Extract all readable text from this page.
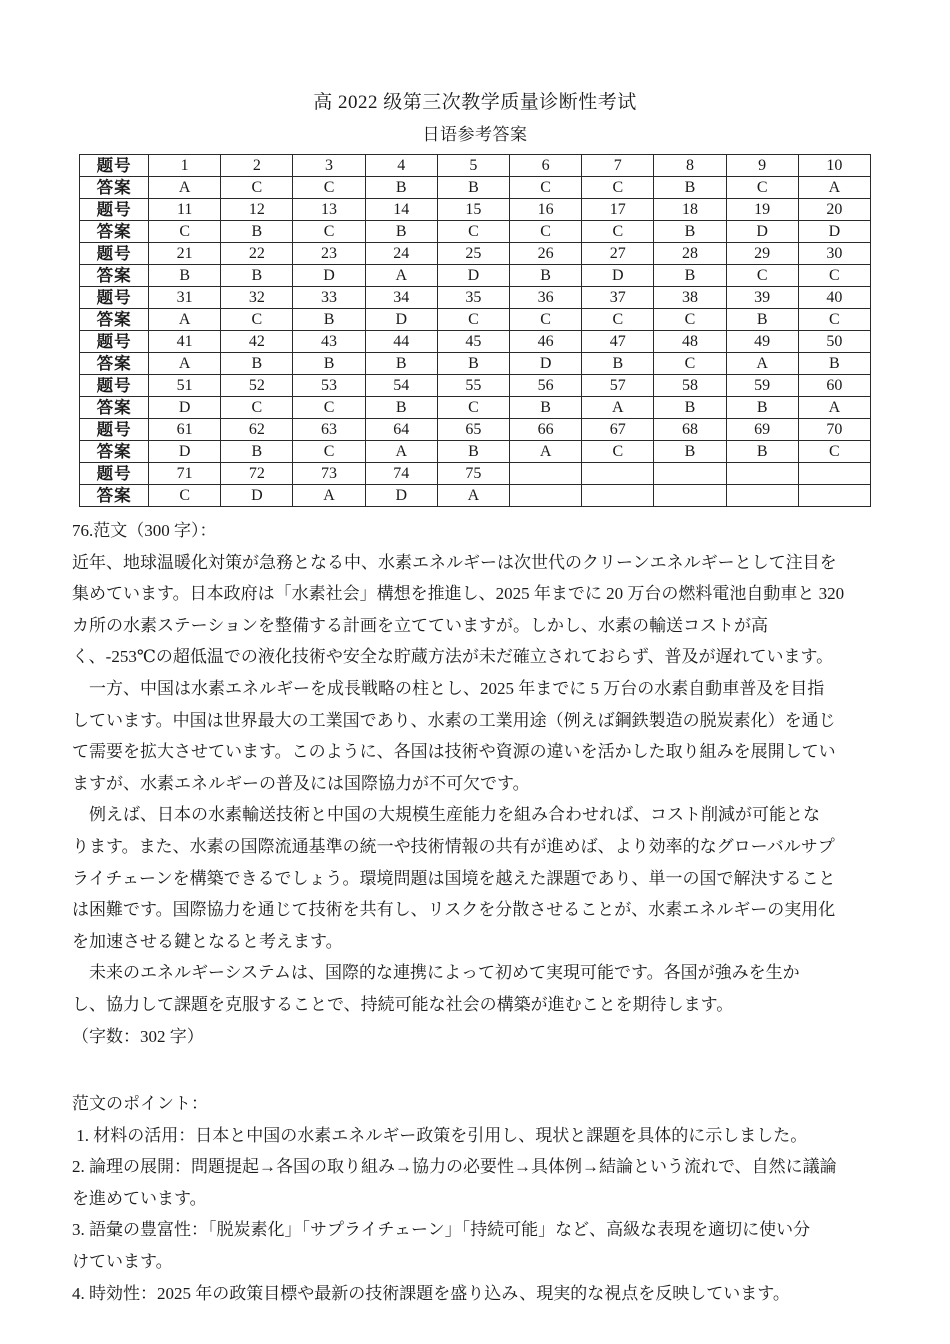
高 2022 级第三次教学质量诊断性考试
日语参考答案
题号	1	2	3	4	5	6	7	8	9	10
答案	A	C	C	B	B	C	C	B	C	A
题号	11	12	13	14	15	16	17	18	19	20
答案	C	B	C	B	C	C	C	B	D	D
题号	21	22	23	24	25	26	27	28	29	30
答案	B	B	D	A	D	B	D	B	C	C
题号	31	32	33	34	35	36	37	38	39	40
答案	A	C	B	D	C	C	C	C	B	C
题号	41	42	43	44	45	46	47	48	49	50
答案	A	B	B	B	B	D	B	C	A	B
题号	51	52	53	54	55	56	57	58	59	60
答案	D	C	C	B	C	B	A	B	B	A
题号	61	62	63	64	65	66	67	68	69	70
答案	D	B	C	A	B	A	C	B	B	C
题号	71	72	73	74	75					
答案	C	D	A	D	A					
76.范文（300 字）：
近年、地球温暖化対策が急務となる中、水素エネルギーは次世代のクリーンエネルギーとして注目を
集めています。日本政府は「水素社会」構想を推進し、2025 年までに 20 万台の燃料電池自動車と 320
カ所の水素ステーションを整備する計画を立てていますが。しかし、水素の輸送コストが高
く、-253℃の超低温での液化技術や安全な貯蔵方法が未だ確立されておらず、普及が遅れています。
　一方、中国は水素エネルギーを成長戦略の柱とし、2025 年までに 5 万台の水素自動車普及を目指
しています。中国は世界最大の工業国であり、水素の工業用途（例えば鋼鉄製造の脱炭素化）を通じ
て需要を拡大させています。このように、各国は技術や資源の違いを活かした取り組みを展開してい
ますが、水素エネルギーの普及には国際協力が不可欠です。
　例えば、日本の水素輸送技術と中国の大規模生産能力を組み合わせれば、コスト削減が可能とな
ります。また、水素の国際流通基準の統一や技術情報の共有が進めば、より効率的なグローバルサプ
ライチェーンを構築できるでしょう。環境問題は国境を越えた課題であり、単一の国で解決すること
は困難です。国際協力を通じて技術を共有し、リスクを分散させることが、水素エネルギーの実用化
を加速させる鍵となると考えます。
　未来のエネルギーシステムは、国際的な連携によって初めて実現可能です。各国が強みを生か
し、協力して課題を克服することで、持続可能な社会の構築が進むことを期待します。
（字数：302 字）
范文のポイント：
1. 材料の活用：日本と中国の水素エネルギー政策を引用し、現状と課題を具体的に示しました。
2. 論理の展開：問題提起→各国の取り組み→協力の必要性→具体例→結論という流れで、自然に議論
を進めています。
3. 語彙の豊富性：「脱炭素化」「サプライチェーン」「持続可能」など、高級な表現を適切に使い分
けています。
4. 時効性：2025 年の政策目標や最新の技術課題を盛り込み、現実的な視点を反映しています。
